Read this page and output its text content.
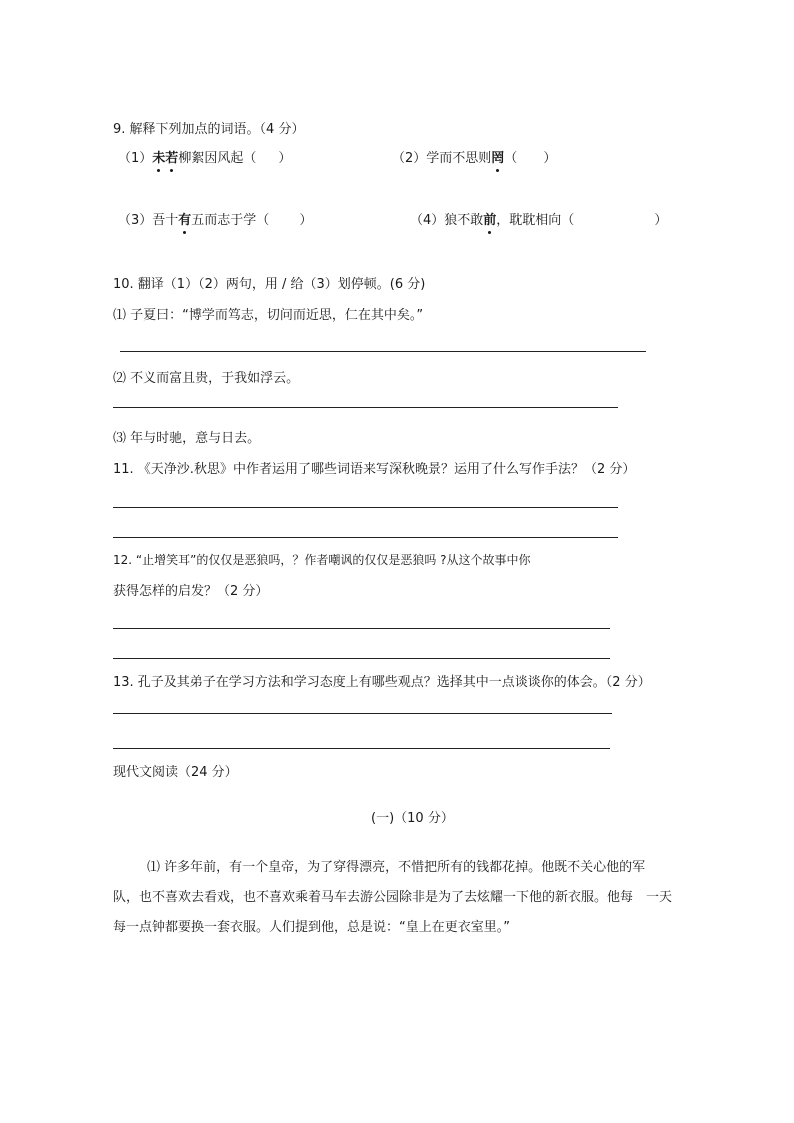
9. 解释下列加点的词语。（4 分）
（1）未若柳絮因风起（ ）	（2）学而不思则罔（ ）
（3）吾十有五而志于学（ ）	（4）狼不敢前，耽耽相向（	）
10. 翻译（1）（2）两句，用 / 给（3）划停顿。(6 分)
⑴ 子夏曰：“博学而笃志，切问而近思，仁在其中矣。”
⑵ 不义而富且贵，于我如浮云。
⑶ 年与时驰，意与日去。
11. 《天净沙.秋思》中作者运用了哪些词语来写深秋晚景？运用了什么写作手法？（2 分）
12. “止增笑耳”的仅仅是恶狼吗，？作者嘲讽的仅仅是恶狼吗 ?从这个故事中你
获得怎样的启发？（2 分）
13. 孔子及其弟子在学习方法和学习态度上有哪些观点？选择其中一点谈谈你的体会。（2 分）
现代文阅读（24 分）
(一)（10 分）
⑴ 许多年前，有一个皇帝，为了穿得漂亮，不惜把所有的钱都花掉。他既不关心他的军
队，也不喜欢去看戏，也不喜欢乘着马车去游公园除非是为了去炫耀一下他的新衣服。他每　一天
每一点钟都要换一套衣服。人们提到他，总是说：“皇上在更衣室里。”
